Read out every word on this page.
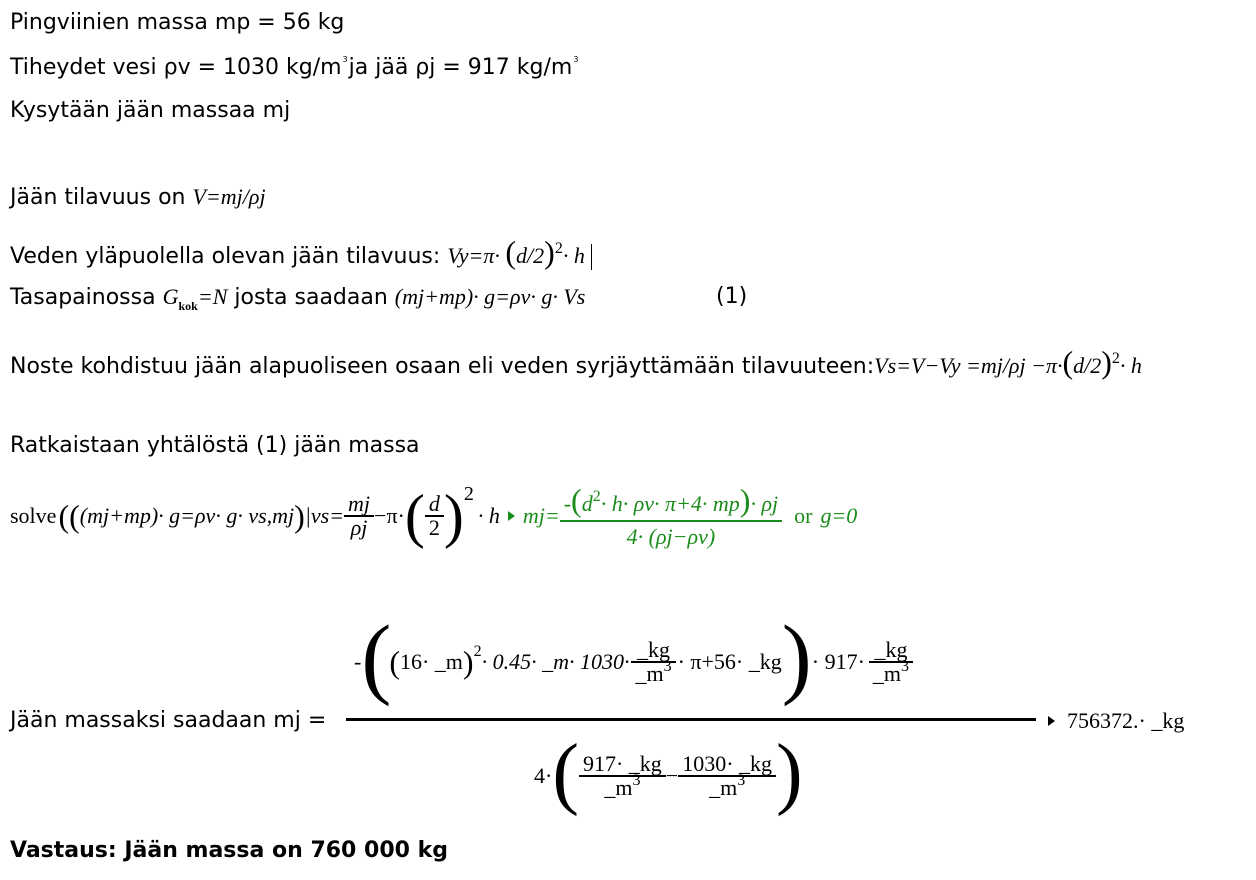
Pingviinien massa mp = 56 kg
Tiheydet vesi ρv = 1030 $kg/m^3ja$ jää ρj = 917 $kg/m^3$
Kysytään jään massaa mj
Jään tilavuus on V=mj/ρj
Veden yläpuolella olevan jään tilavuus: $Vy=\pi\cdot (d/2)^2\cdot h$
Tasapainossa $G_{kok}=N$ josta saadaan (mj+mp)· g=ρv· g· Vs	(1)
Noste kohdistuu jään alapuoliseen osaan eli veden syrjäyttämään tilavuuteen:Vs=V−Vy $=mj/\rho j -\pi\cdot(d/2)^2\cdot h$
Ratkaistaan yhtälöstä (1) jään massa
solve ( ( (mj+mp)· g=ρv· g· vs,mj ) $|vs= \frac{mj}{\rho j} -\pi\cdot$ ( $\frac{d}{2}$ ) 2
· h $mj= \frac{-(d^2\cdot h\cdot \rho v\cdot \pi+4\cdot mp)\cdot \rho j}{4\cdot (\rho j-\rho v)}$ or g=0
Jään massaksi saadaan mj =
- (
( 16· _m ) 2 · 0.45· _m· $1030\cdot \frac{\_kg}{\_m^3} \cdot \pi+56\cdot$ _kg ) · $917\cdot \frac{\_kg}{\_m^3}$
4· ( $\frac{917\cdot \_kg}{\_m^3} - \frac{1030\cdot \_kg}{\_m^3}$ )
756372.· _kg
Vastaus: Jään massa on 760 000 kg
